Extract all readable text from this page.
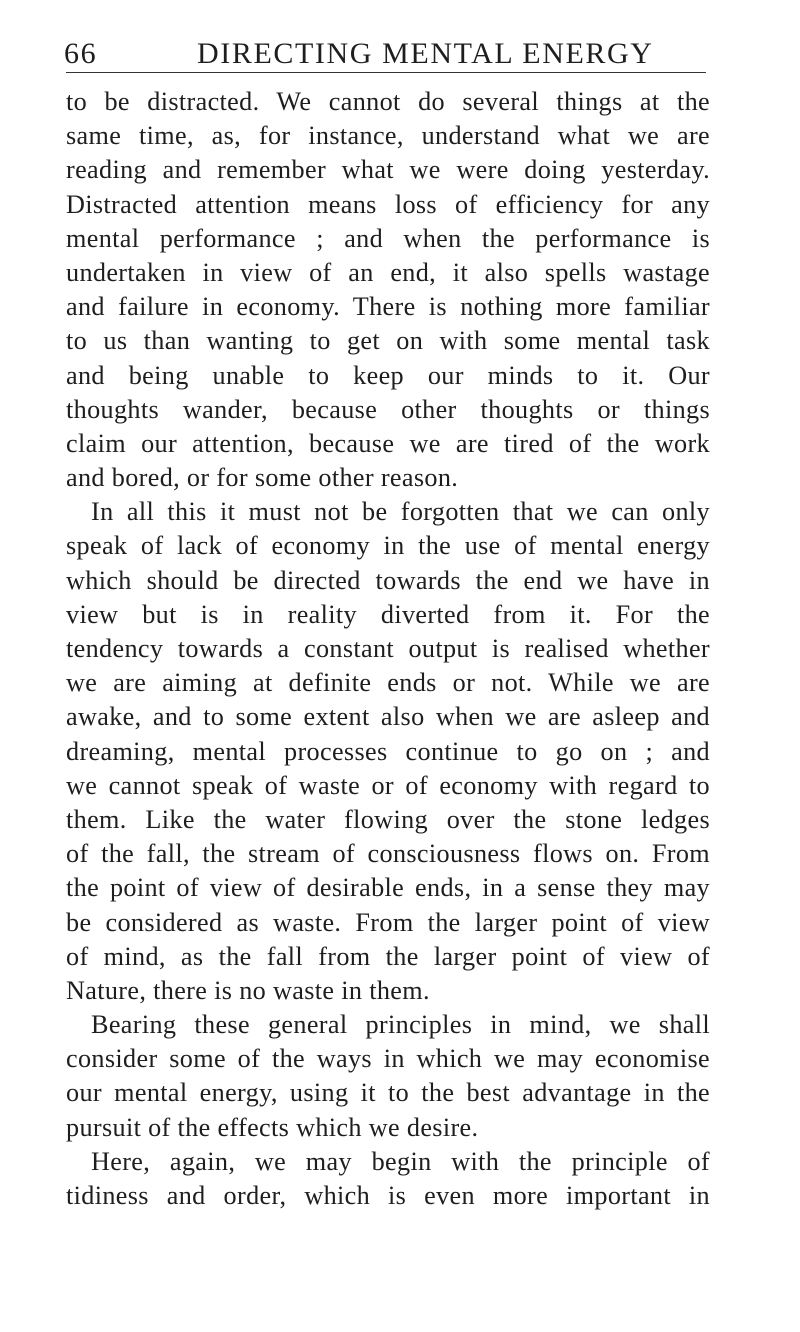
66	DIRECTING MENTAL ENERGY
to be distracted. We cannot do several things at the
same time, as, for instance, understand what we are
reading and remember what we were doing yesterday.
Distracted attention means loss of efficiency for any
mental performance ; and when the performance is
undertaken in view of an end, it also spells wastage
and failure in economy. There is nothing more familiar
to us than wanting to get on with some mental task
and being unable to keep our minds to it. Our
thoughts wander, because other thoughts or things
claim our attention, because we are tired of the work
and bored, or for some other reason.
In all this it must not be forgotten that we can only
speak of lack of economy in the use of mental energy
which should be directed towards the end we have in
view but is in reality diverted from it. For the
tendency towards a constant output is realised whether
we are aiming at definite ends or not. While we are
awake, and to some extent also when we are asleep and
dreaming, mental processes continue to go on ; and
we cannot speak of waste or of economy with regard to
them. Like the water flowing over the stone ledges
of the fall, the stream of consciousness flows on. From
the point of view of desirable ends, in a sense they may
be considered as waste. From the larger point of view
of mind, as the fall from the larger point of view of
Nature, there is no waste in them.
Bearing these general principles in mind, we shall
consider some of the ways in which we may economise
our mental energy, using it to the best advantage in the
pursuit of the effects which we desire.
Here, again, we may begin with the principle of
tidiness and order, which is even more important in
